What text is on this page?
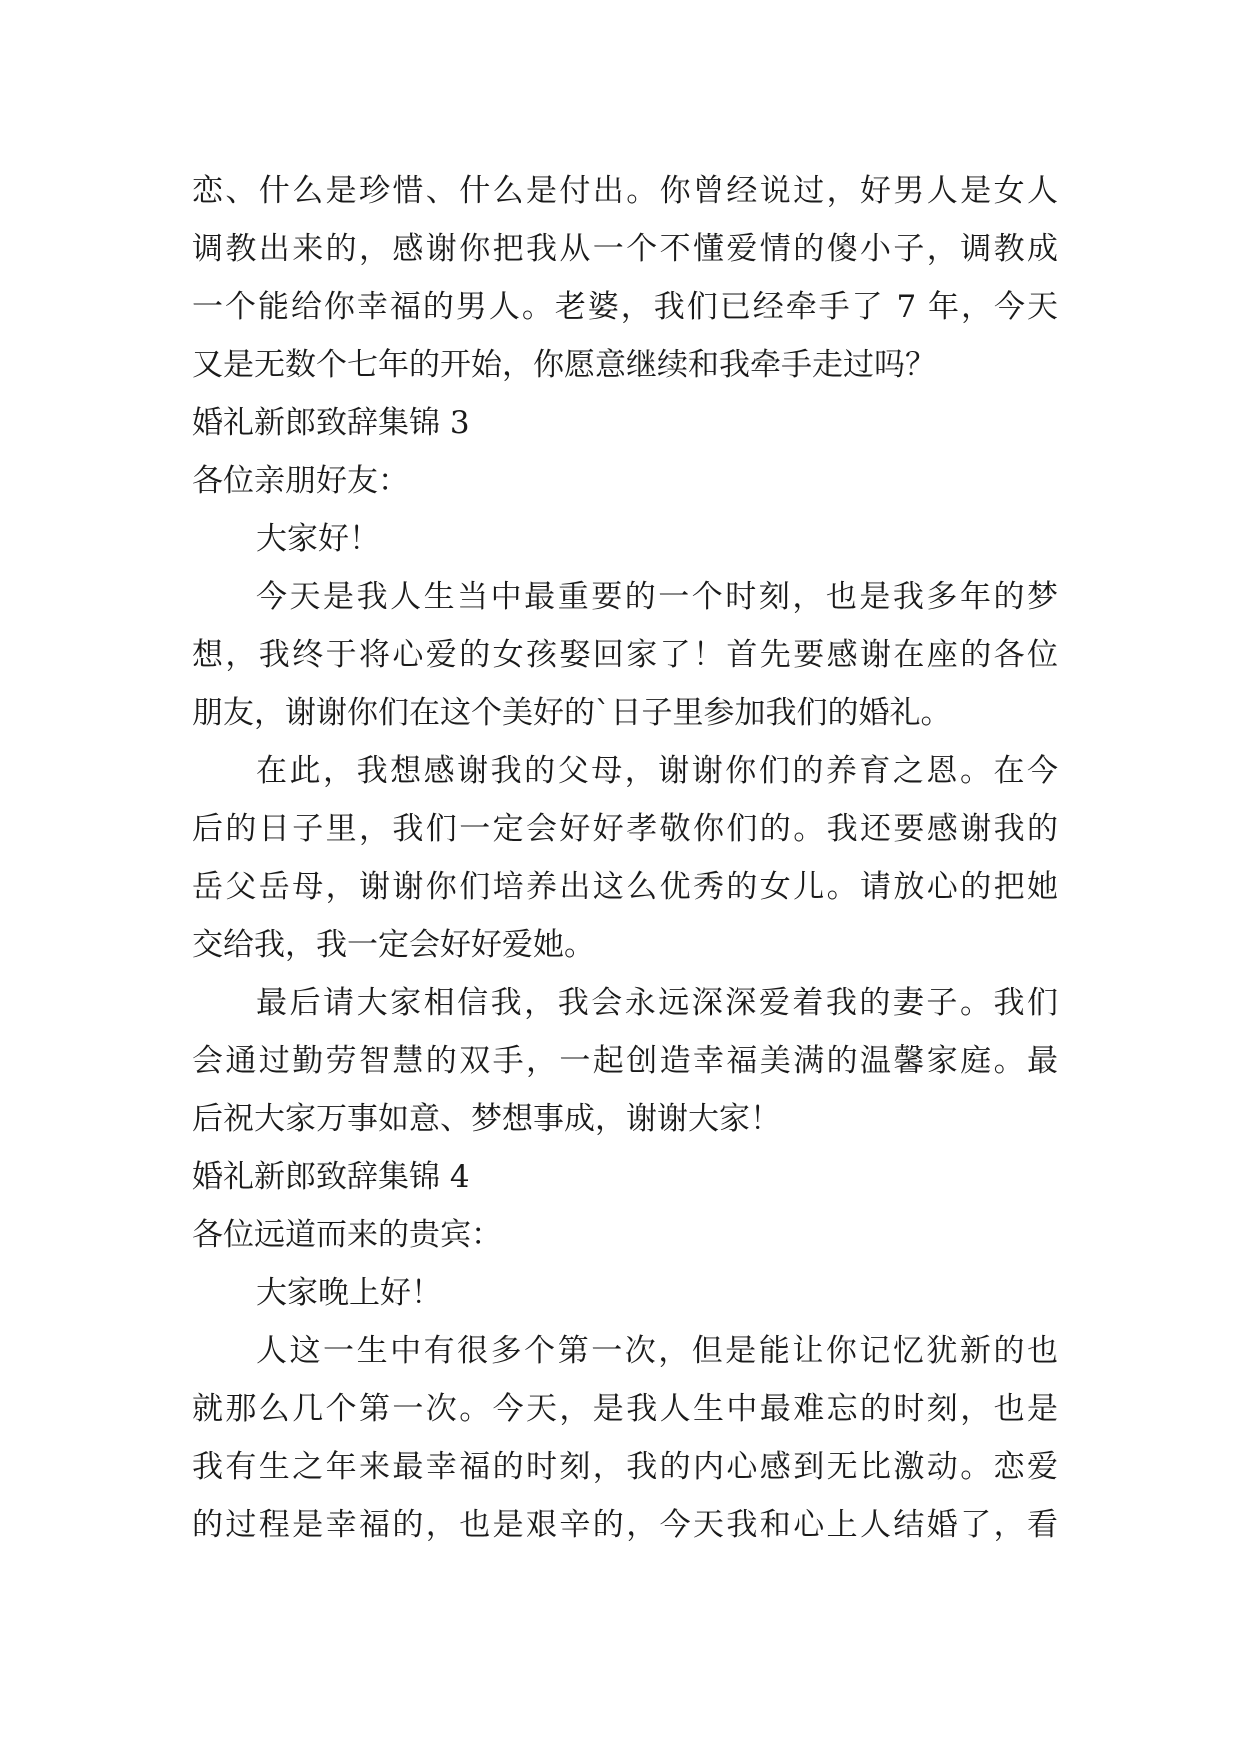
恋、什么是珍惜、什么是付出。你曾经说过，好男人是女人
调教出来的，感谢你把我从一个不懂爱情的傻小子，调教成
一个能给你幸福的男人。老婆，我们已经牵手了 7 年，今天
又是无数个七年的开始，你愿意继续和我牵手走过吗？
婚礼新郎致辞集锦 3
各位亲朋好友：
大家好！
今天是我人生当中最重要的一个时刻，也是我多年的梦
想，我终于将心爱的女孩娶回家了！首先要感谢在座的各位
朋友，谢谢你们在这个美好的`日子里参加我们的婚礼。
在此，我想感谢我的父母，谢谢你们的养育之恩。在今
后的日子里，我们一定会好好孝敬你们的。我还要感谢我的
岳父岳母，谢谢你们培养出这么优秀的女儿。请放心的把她
交给我，我一定会好好爱她。
最后请大家相信我，我会永远深深爱着我的妻子。我们
会通过勤劳智慧的双手，一起创造幸福美满的温馨家庭。最
后祝大家万事如意、梦想事成，谢谢大家！
婚礼新郎致辞集锦 4
各位远道而来的贵宾：
大家晚上好！
人这一生中有很多个第一次，但是能让你记忆犹新的也
就那么几个第一次。今天，是我人生中最难忘的时刻，也是
我有生之年来最幸福的时刻，我的内心感到无比激动。恋爱
的过程是幸福的，也是艰辛的，今天我和心上人结婚了，看
